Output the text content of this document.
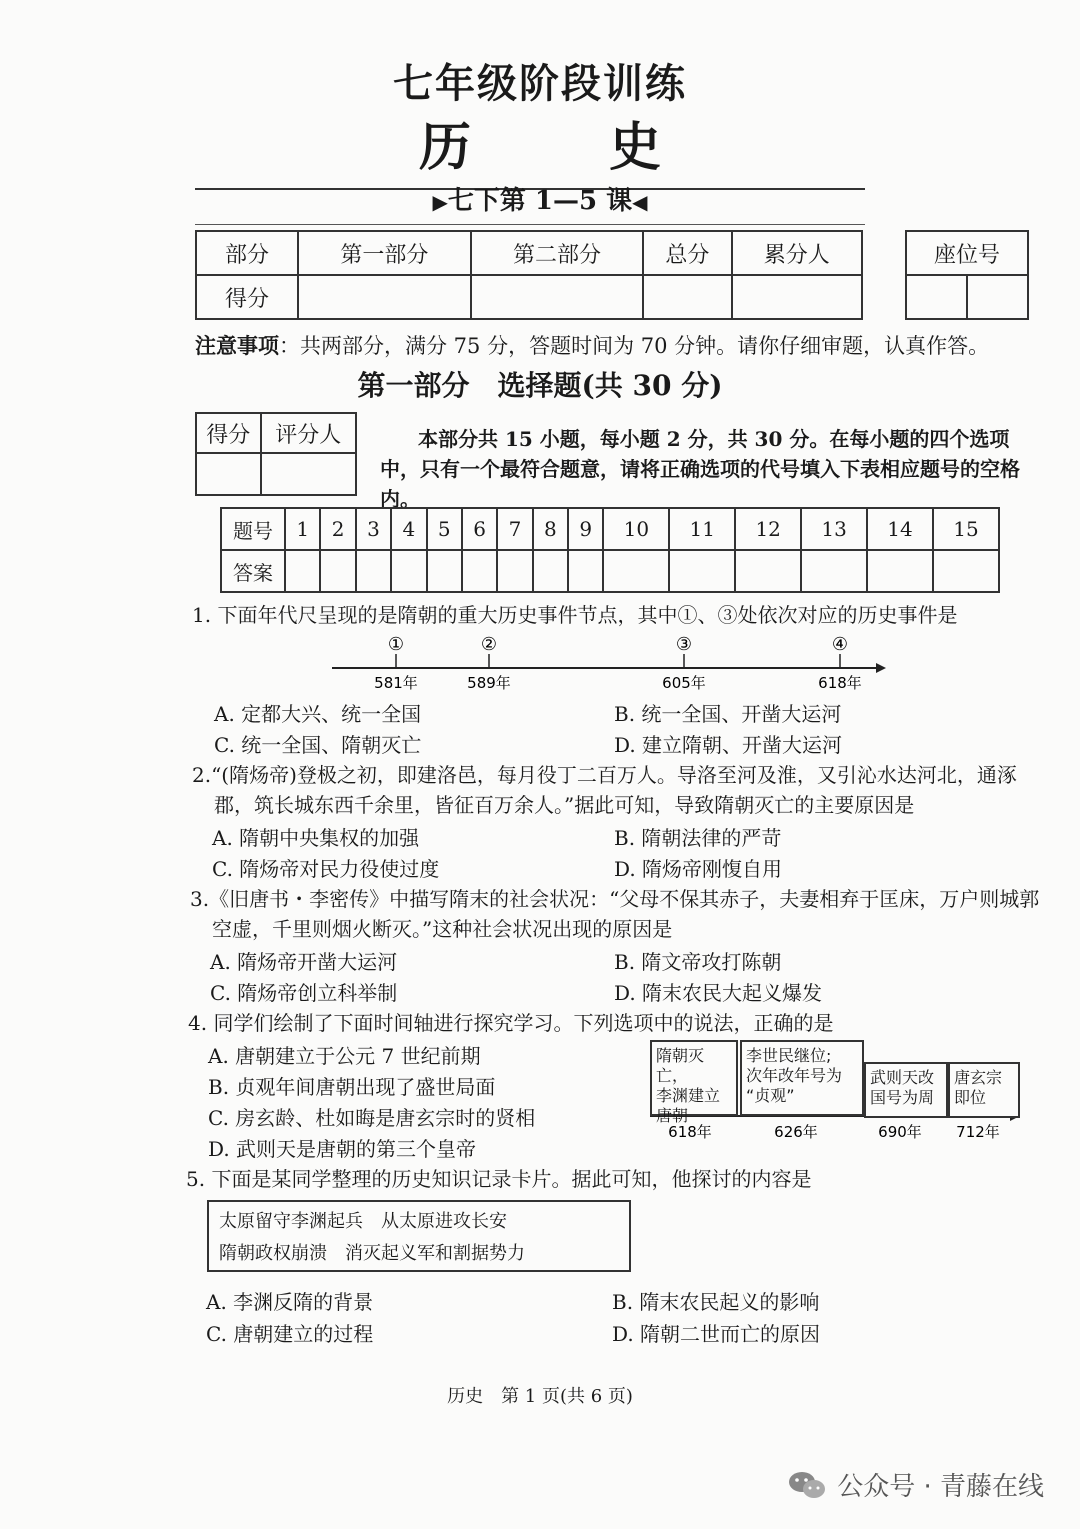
七年级阶段训练
历 史
▶七下第 1—5 课◀
部分	第一部分	第二部分	总分	累分人
得分				
座位号

注意事项：共两部分，满分 75 分，答题时间为 70 分钟。请你仔细审题，认真作答。
第一部分　选择题(共 30 分)
得分	评分人
		本部分共 15 小题，每小题 2 分，共 30 分。在每小题的四个选项中，只有一个最符合题意，请将正确选项的代号填入下表相应题号的空格内。
题号	1	2	3	4	5	6	7	8	9	10	11	12	13	14	15
答案															
1. 下面年代尺呈现的是隋朝的重大历史事件节点，其中①、③处依次对应的历史事件是
①
581年
②
589年
③
605年
④
618年
A. 定都大兴、统一全国	B. 统一全国、开凿大运河
C. 统一全国、隋朝灭亡	D. 建立隋朝、开凿大运河
2.“(隋炀帝)登极之初，即建洛邑，每月役丁二百万人。导洛至河及淮，又引沁水达河北，通涿
郡，筑长城东西千余里，皆征百万余人。”据此可知，导致隋朝灭亡的主要原因是
A. 隋朝中央集权的加强	B. 隋朝法律的严苛
C. 隋炀帝对民力役使过度	D. 隋炀帝刚愎自用
3.《旧唐书・李密传》中描写隋末的社会状况：“父母不保其赤子，夫妻相弃于匡床，万户则城郭
空虚，千里则烟火断灭。”这种社会状况出现的原因是
A. 隋炀帝开凿大运河	B. 隋文帝攻打陈朝
C. 隋炀帝创立科举制	D. 隋末农民大起义爆发
4. 同学们绘制了下面时间轴进行探究学习。下列选项中的说法，正确的是
A. 唐朝建立于公元 7 世纪前期
B. 贞观年间唐朝出现了盛世局面
C. 房玄龄、杜如晦是唐玄宗时的贤相
D. 武则天是唐朝的第三个皇帝
618年	626年	690年 712年
隋朝灭亡，
李渊建立
唐朝
李世民继位;
次年改年号为
“贞观”
武则天改
国号为周
唐玄宗
即位
5. 下面是某同学整理的历史知识记录卡片。据此可知，他探讨的内容是
太原留守李渊起兵　从太原进攻长安
隋朝政权崩溃　消灭起义军和割据势力
A. 李渊反隋的背景	B. 隋末农民起义的影响
C. 唐朝建立的过程	D. 隋朝二世而亡的原因
历史　第 1 页(共 6 页)
公众号 · 青藤在线
